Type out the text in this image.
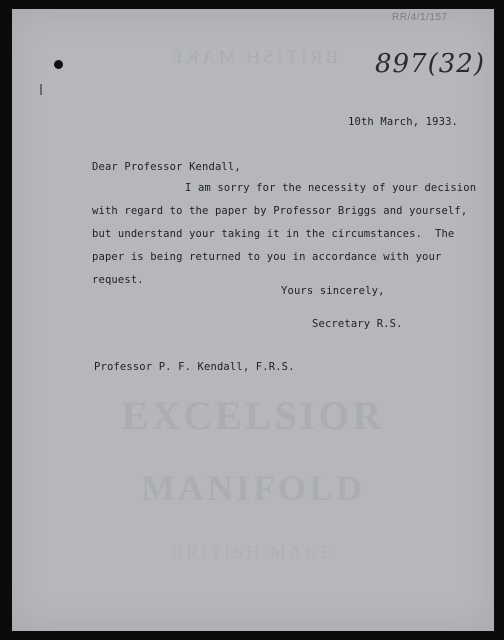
BRITISH MAKE
EXCELSIOR
MANIFOLD
BRITISH MAKE
RR/4/1/157
897(32)
10th March, 1933.
Dear Professor Kendall,
I am sorry for the necessity of your decision
with regard to the paper by Professor Briggs and yourself,
but understand your taking it in the circumstances.  The
paper is being returned to you in accordance with your
request.
Yours sincerely,
Secretary R.S.
Professor P. F. Kendall, F.R.S.
